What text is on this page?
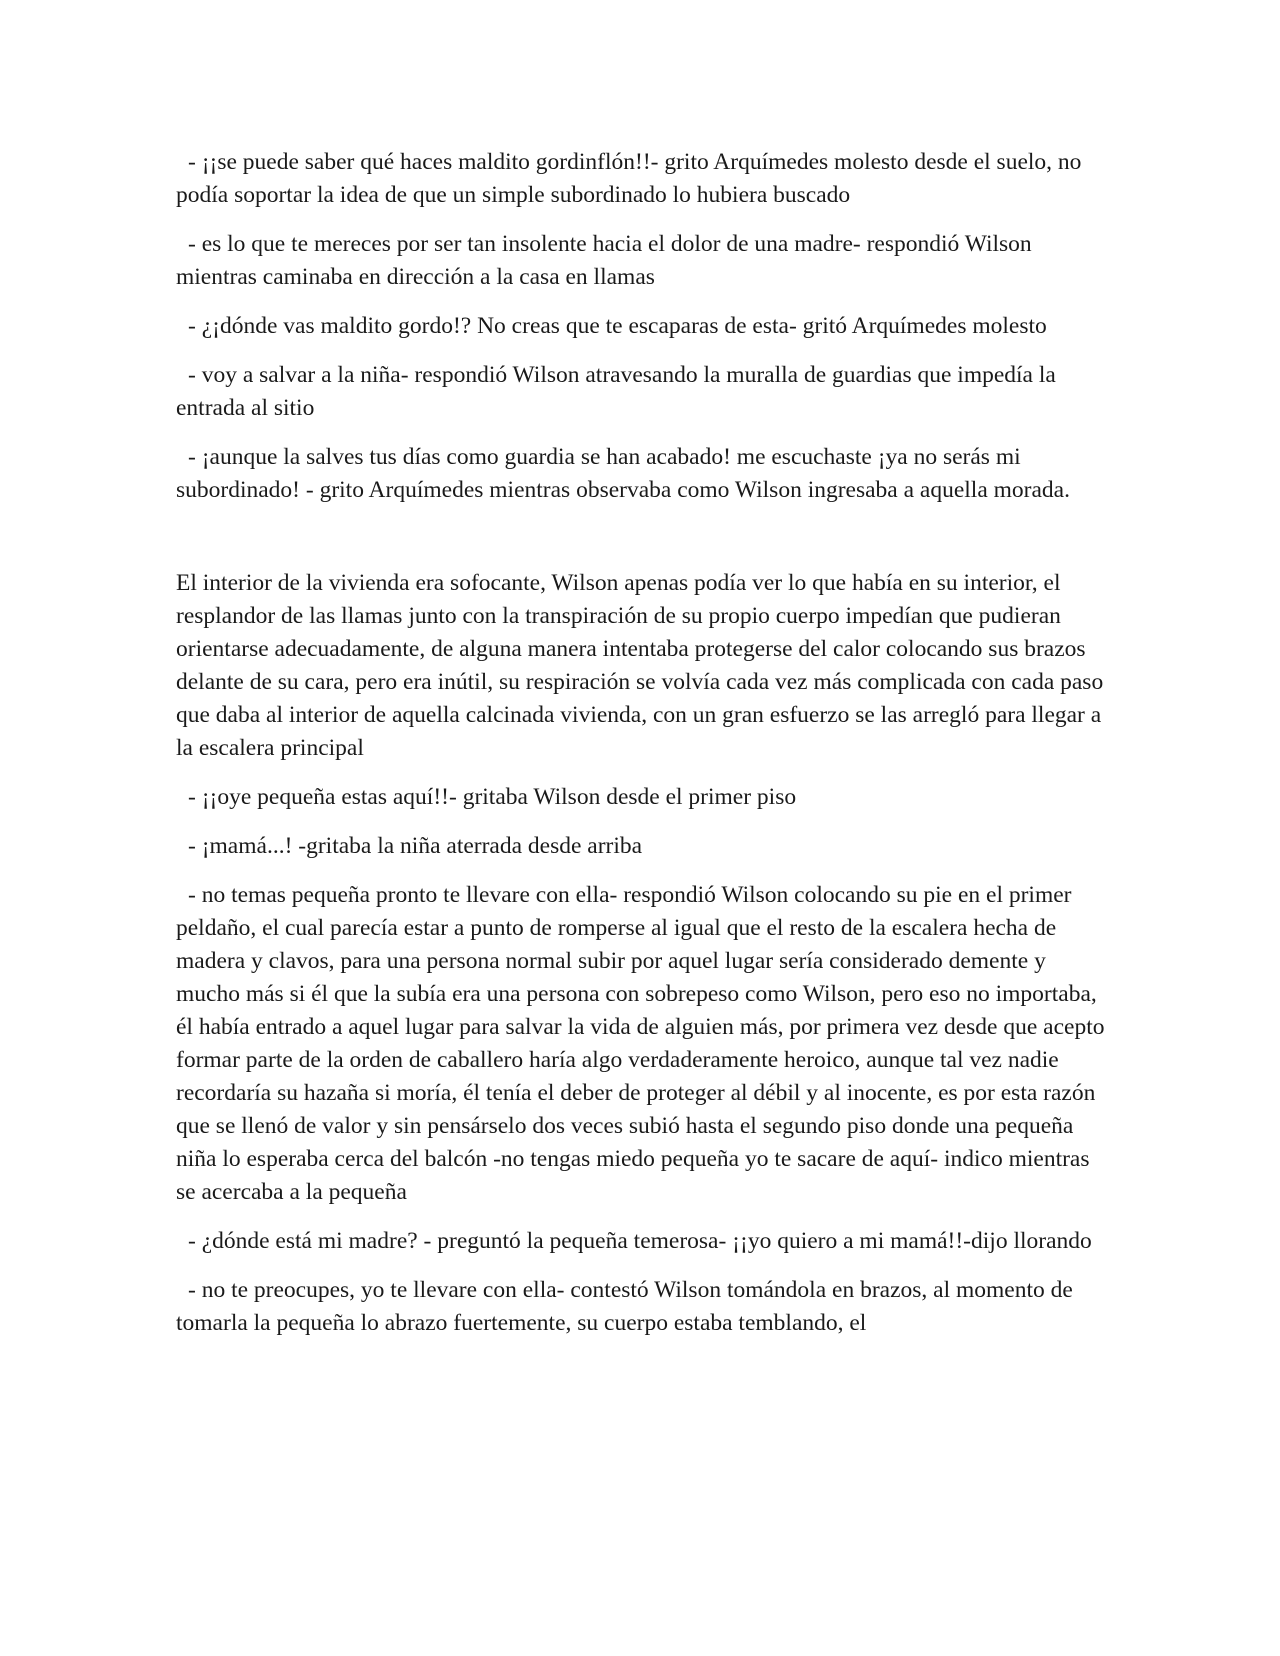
- ¡¡se puede saber qué haces maldito gordinflón!!- grito Arquímedes molesto desde el suelo, no podía soportar la idea de que un simple subordinado lo hubiera buscado

- es lo que te mereces por ser tan insolente hacia el dolor de una madre- respondió Wilson mientras caminaba en dirección a la casa en llamas

- ¿¡dónde vas maldito gordo!? No creas que te escaparas de esta- gritó Arquímedes molesto

- voy a salvar a la niña- respondió Wilson atravesando la muralla de guardias que impedía la entrada al sitio

- ¡aunque la salves tus días como guardia se han acabado! me escuchaste ¡ya no serás mi subordinado! - grito Arquímedes mientras observaba como Wilson ingresaba a aquella morada.

El interior de la vivienda era sofocante, Wilson apenas podía ver lo que había en su interior, el resplandor de las llamas junto con la transpiración de su propio cuerpo impedían que pudieran orientarse adecuadamente, de alguna manera intentaba protegerse del calor colocando sus brazos delante de su cara, pero era inútil, su respiración se volvía cada vez más complicada con cada paso que daba al interior de aquella calcinada vivienda, con un gran esfuerzo se las arregló para llegar a la escalera principal

- ¡¡oye pequeña estas aquí!!- gritaba Wilson desde el primer piso

- ¡mamá...! -gritaba la niña aterrada desde arriba

- no temas pequeña pronto te llevare con ella- respondió Wilson colocando su pie en el primer peldaño, el cual parecía estar a punto de romperse al igual que el resto de la escalera hecha de madera y clavos, para una persona normal subir por aquel lugar sería considerado demente y mucho más si él que la subía era una persona con sobrepeso como Wilson, pero eso no importaba, él había entrado a aquel lugar para salvar la vida de alguien más, por primera vez desde que acepto formar parte de la orden de caballero haría algo verdaderamente heroico, aunque tal vez nadie recordaría su hazaña si moría, él tenía el deber de proteger al débil y al inocente, es por esta razón que se llenó de valor y sin pensárselo dos veces subió hasta el segundo piso donde una pequeña niña lo esperaba cerca del balcón -no tengas miedo pequeña yo te sacare de aquí- indico mientras se acercaba a la pequeña

- ¿dónde está mi madre? - preguntó la pequeña temerosa- ¡¡yo quiero a mi mamá!!-dijo llorando

- no te preocupes, yo te llevare con ella- contestó Wilson tomándola en brazos, al momento de tomarla la pequeña lo abrazo fuertemente, su cuerpo estaba temblando, el
